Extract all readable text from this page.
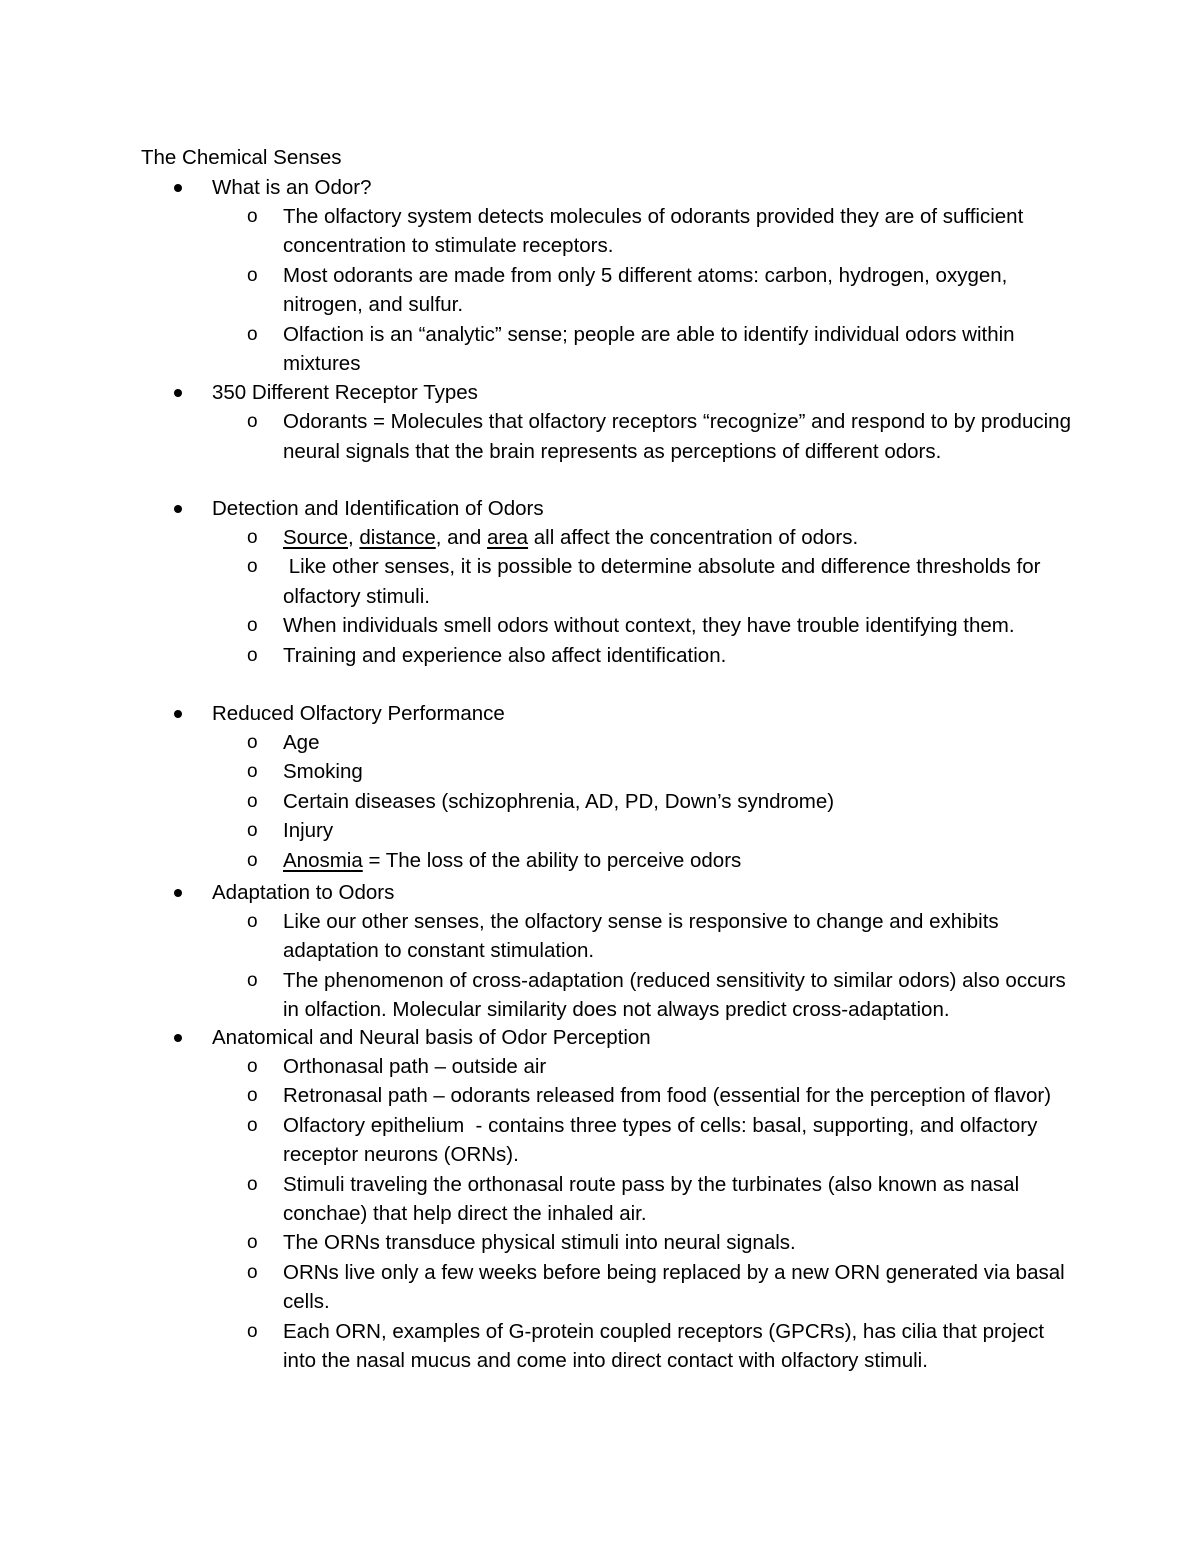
The Chemical Senses
What is an Odor?
o The olfactory system detects molecules of odorants provided they are of sufficient concentration to stimulate receptors.
o Most odorants are made from only 5 different atoms: carbon, hydrogen, oxygen, nitrogen, and sulfur.
o Olfaction is an “analytic” sense; people are able to identify individual odors within mixtures
350 Different Receptor Types
o Odorants = Molecules that olfactory receptors “recognize” and respond to by producing neural signals that the brain represents as perceptions of different odors.
Detection and Identification of Odors
o Source, distance, and area all affect the concentration of odors.
o Like other senses, it is possible to determine absolute and difference thresholds for olfactory stimuli.
o When individuals smell odors without context, they have trouble identifying them.
o Training and experience also affect identification.
Reduced Olfactory Performance
o Age
o Smoking
o Certain diseases (schizophrenia, AD, PD, Down’s syndrome)
o Injury
o Anosmia = The loss of the ability to perceive odors
Adaptation to Odors
o Like our other senses, the olfactory sense is responsive to change and exhibits adaptation to constant stimulation.
o The phenomenon of cross-adaptation (reduced sensitivity to similar odors) also occurs in olfaction. Molecular similarity does not always predict cross-adaptation.
Anatomical and Neural basis of Odor Perception
o Orthonasal path – outside air
o Retronasal path – odorants released from food (essential for the perception of flavor)
o Olfactory epithelium  - contains three types of cells: basal, supporting, and olfactory receptor neurons (ORNs).
o Stimuli traveling the orthonasal route pass by the turbinates (also known as nasal conchae) that help direct the inhaled air.
o The ORNs transduce physical stimuli into neural signals.
o ORNs live only a few weeks before being replaced by a new ORN generated via basal cells.
o Each ORN, examples of G-protein coupled receptors (GPCRs), has cilia that project into the nasal mucus and come into direct contact with olfactory stimuli.
